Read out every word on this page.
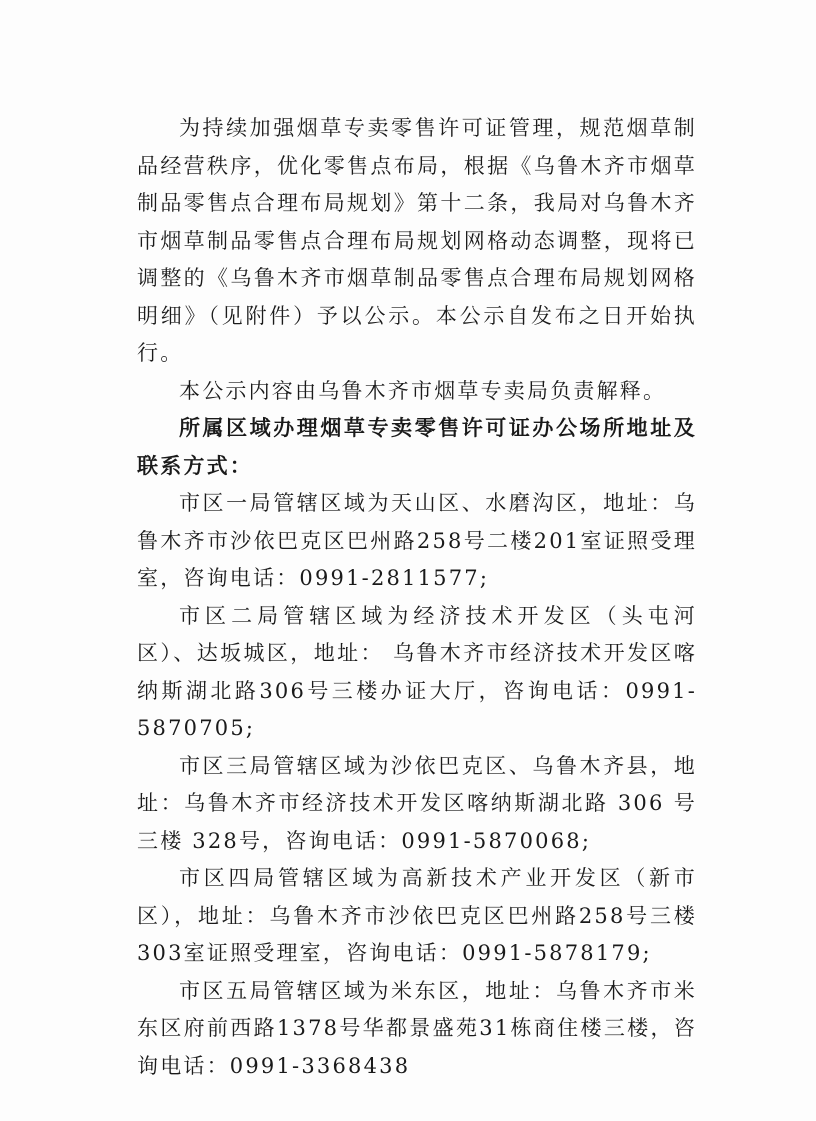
为持续加强烟草专卖零售许可证管理，规范烟草制品经营秩序，优化零售点布局，根据《乌鲁木齐市烟草制品零售点合理布局规划》第十二条，我局对乌鲁木齐市烟草制品零售点合理布局规划网格动态调整，现将已调整的《乌鲁木齐市烟草制品零售点合理布局规划网格明细》（见附件）予以公示。本公示自发布之日开始执行。

本公示内容由乌鲁木齐市烟草专卖局负责解释。

所属区域办理烟草专卖零售许可证办公场所地址及联系方式：

市区一局管辖区域为天山区、水磨沟区，地址：乌鲁木齐市沙依巴克区巴州路258号二楼201室证照受理室，咨询电话：0991-2811577;

市区二局管辖区域为经济技术开发区（头屯河区）、达坂城区，地址： 乌鲁木齐市经济技术开发区喀纳斯湖北路306号三楼办证大厅，咨询电话：0991-5870705;

市区三局管辖区域为沙依巴克区、乌鲁木齐县，地址：乌鲁木齐市经济技术开发区喀纳斯湖北路 306 号三楼 328号，咨询电话：0991-5870068;

市区四局管辖区域为高新技术产业开发区（新市区），地址：乌鲁木齐市沙依巴克区巴州路258号三楼303室证照受理室，咨询电话：0991-5878179;

市区五局管辖区域为米东区，地址：乌鲁木齐市米东区府前西路1378号华都景盛苑31栋商住楼三楼，咨询电话：0991-3368438
